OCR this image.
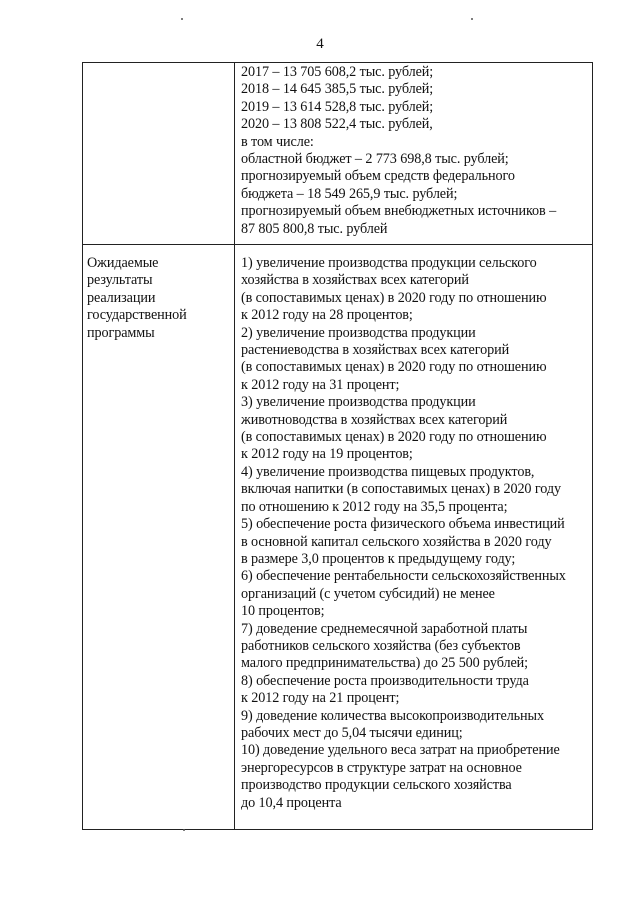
4
2017 – 13 705 608,2 тыс. рублей;
2018 – 14 645 385,5 тыс. рублей;
2019 – 13 614 528,8 тыс. рублей;
2020 – 13 808 522,4 тыс. рублей,
в том числе:
областной бюджет – 2 773 698,8 тыс. рублей;
прогнозируемый объем средств федерального
бюджета – 18 549 265,9 тыс. рублей;
прогнозируемый объем внебюджетных источников –
87 805 800,8 тыс. рублей
Ожидаемые
результаты
реализации
государственной
программы
1) увеличение производства продукции сельского
хозяйства в хозяйствах всех категорий
(в сопоставимых ценах) в 2020 году по отношению
к 2012 году на 28 процентов;
2) увеличение производства продукции
растениеводства в хозяйствах всех категорий
(в сопоставимых ценах) в 2020 году по отношению
к 2012 году на 31 процент;
3) увеличение производства продукции
животноводства в хозяйствах всех категорий
(в сопоставимых ценах) в 2020 году по отношению
к 2012 году на 19 процентов;
4) увеличение производства пищевых продуктов,
включая напитки (в сопоставимых ценах) в 2020 году
по отношению к 2012 году на 35,5 процента;
5) обеспечение роста физического объема инвестиций
в основной капитал сельского хозяйства в 2020 году
в размере 3,0 процентов к предыдущему году;
6) обеспечение рентабельности сельскохозяйственных
организаций (с учетом субсидий) не менее
10 процентов;
7) доведение среднемесячной заработной платы
работников сельского хозяйства (без субъектов
малого предпринимательства) до 25 500 рублей;
8) обеспечение роста производительности труда
к 2012 году на 21 процент;
9) доведение количества высокопроизводительных
рабочих мест до 5,04 тысячи единиц;
10) доведение удельного веса затрат на приобретение
энергоресурсов в структуре затрат на основное
производство продукции сельского хозяйства
до 10,4 процента
